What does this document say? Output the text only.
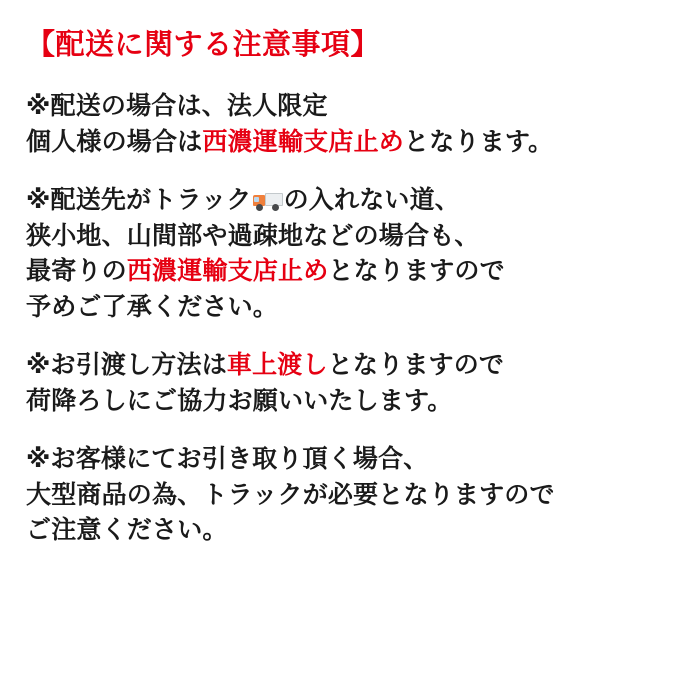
【配送に関する注意事項】
※配送の場合は、法人限定
個人様の場合は西濃運輸支店止めとなります。
※配送先がトラック の入れない道、
狭小地、山間部や過疎地などの場合も、
最寄りの西濃運輸支店止めとなりますので
予めご了承ください。
※お引渡し方法は車上渡しとなりますので
荷降ろしにご協力お願いいたします。
※お客様にてお引き取り頂く場合、
大型商品の為、トラックが必要となりますので
ご注意ください。
